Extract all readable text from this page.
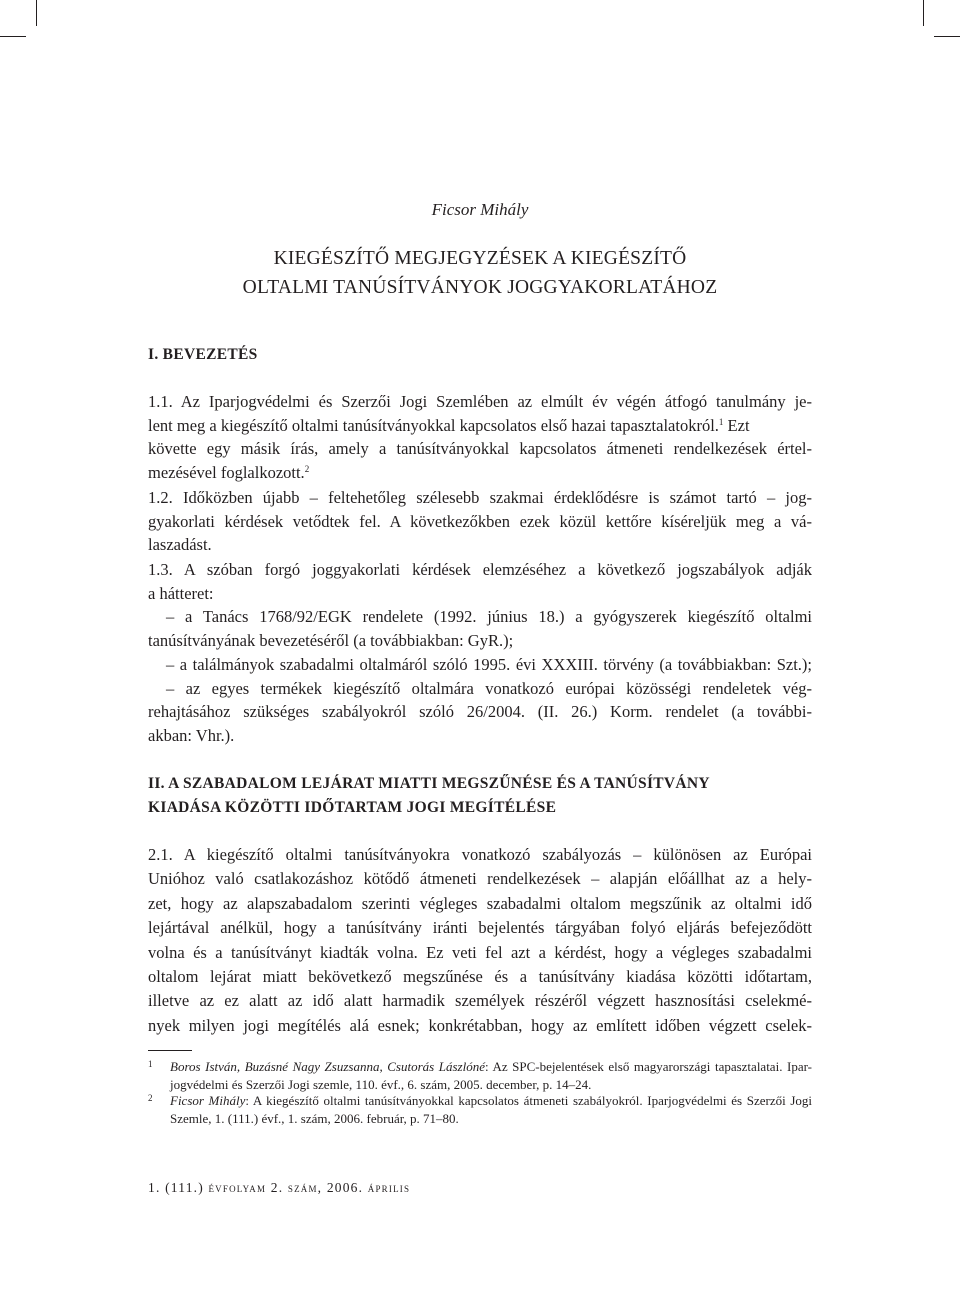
Ficsor Mihály

KIEGÉSZÍTŐ MEGJEGYZÉSEK A KIEGÉSZÍTŐ
OLTALMI TANÚSÍTVÁNYOK JOGGYAKORLATÁHOZ
I. BEVEZETÉS
1.1. Az Iparjogvédelmi és Szerzői Jogi Szemlében az elmúlt év végén átfogó tanulmány je-
lent meg a kiegészítő oltalmi tanúsítványokkal kapcsolatos első hazai tapasztalatokról.$^1$ Ezt
követte egy másik írás, amely a tanúsítványokkal kapcsolatos átmeneti rendelkezések értel-
mezésével foglalkozott.$^2$
1.2. Időközben újabb – feltehetőleg szélesebb szakmai érdeklődésre is számot tartó – jog-
gyakorlati kérdések vetődtek fel. A következőkben ezek közül kettőre kíséreljük meg a vá-
laszadást.
1.3. A szóban forgó joggyakorlati kérdések elemzéséhez a következő jogszabályok adják
a hátteret:
– a Tanács 1768/92/EGK rendelete (1992. június 18.) a gyógyszerek kiegészítő oltalmi
tanúsítványának bevezetéséről (a továbbiakban: GyR.);
– a találmányok szabadalmi oltalmáról szóló 1995. évi XXXIII. törvény (a továbbiakban: Szt.);
– az egyes termékek kiegészítő oltalmára vonatkozó európai közösségi rendeletek vég-
rehajtásához szükséges szabályokról szóló 26/2004. (II. 26.) Korm. rendelet (a további-
akban: Vhr.).
II. A SZABADALOM LEJÁRAT MIATTI MEGSZŰNÉSE ÉS A TANÚSÍTVÁNY
KIADÁSA KÖZÖTTI IDŐTARTAM JOGI MEGÍTÉLÉSE
2.1. A kiegészítő oltalmi tanúsítványokra vonatkozó szabályozás – különösen az Európai
Unióhoz való csatlakozáshoz kötődő átmeneti rendelkezések – alapján előállhat az a hely-
zet, hogy az alapszabadalom szerinti végleges szabadalmi oltalom megszűnik az oltalmi idő
lejártával anélkül, hogy a tanúsítvány iránti bejelentés tárgyában folyó eljárás befejeződött
volna és a tanúsítványt kiadták volna. Ez veti fel azt a kérdést, hogy a végleges szabadalmi
oltalom lejárat miatt bekövetkező megszűnése és a tanúsítvány kiadása közötti időtartam,
illetve az ez alatt az idő alatt harmadik személyek részéről végzett hasznosítási cselekmé-
nyek milyen jogi megítélés alá esnek; konkrétabban, hogy az említett időben végzett cselek-
1 Boros István, Buzásné Nagy Zsuzsanna, Csutorás Lászlóné: Az SPC-bejelentések első magyarországi tapasztalatai. Ipar-
jogvédelmi és Szerzői Jogi szemle, 110. évf., 6. szám, 2005. december, p. 14–24.
2 Ficsor Mihály: A kiegészítő oltalmi tanúsítványokkal kapcsolatos átmeneti szabályokról. Iparjogvédelmi és Szerzői Jogi
Szemle, 1. (111.) évf., 1. szám, 2006. február, p. 71–80.

1. (111.) évfolyam 2. szám, 2006. április
